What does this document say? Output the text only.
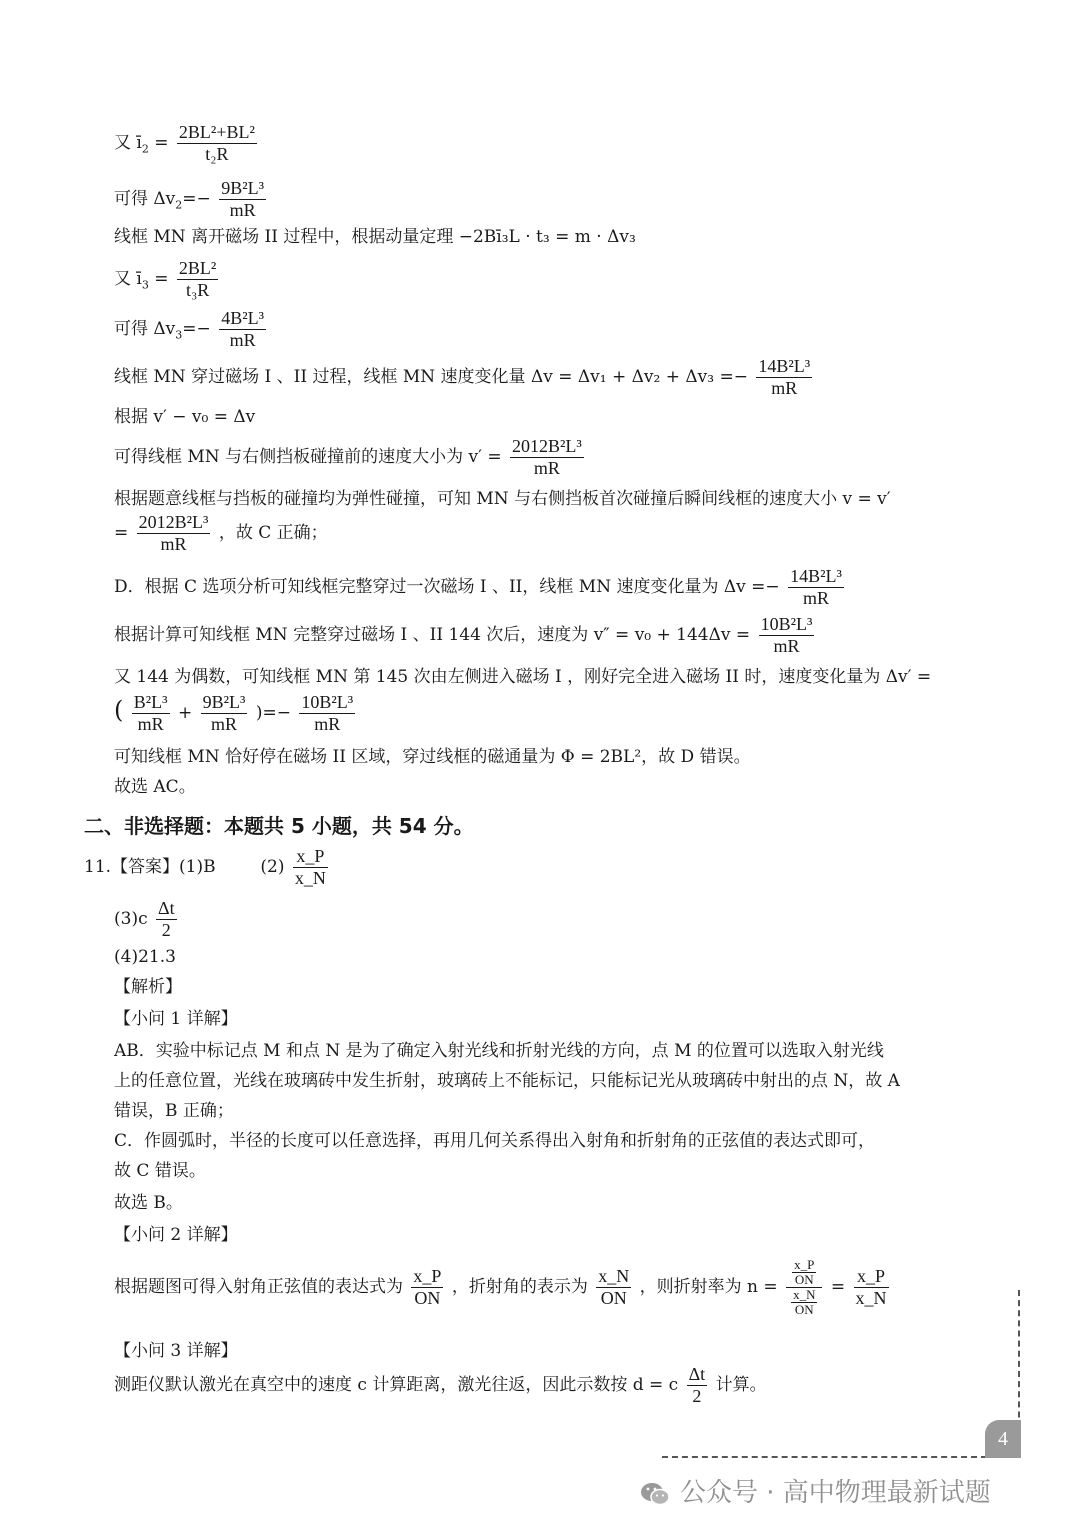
又 $ī_2 = \frac{\text{2BL²+BL²}}{\text{t₂R}}$
可得 $\Delta v_2=- \frac{\text{9B²L³}}{mR}$
线框 MN 离开磁场 II 过程中，根据动量定理 −2Bī₃L · t₃ = m · Δv₃
又 $ī_3 = \frac{\text{2BL²}}{\text{t₃R}}$
可得 $\Delta v_3=- \frac{\text{4B²L³}}{mR}$
线框 MN 穿过磁场 I 、II 过程，线框 MN 速度变化量 $\Delta v = \Delta v_1 + \Delta v_2 + \Delta v_3 =- \frac{\text{14B²L³}}{mR}$
根据 v′ − v₀ = Δv
可得线框 MN 与右侧挡板碰撞前的速度大小为 $v' = \frac{\text{2012B²L³}}{mR}$
根据题意线框与挡板的碰撞均为弹性碰撞，可知 MN 与右侧挡板首次碰撞后瞬间线框的速度大小 v = v′
= $\frac{\text{2012B²L³}}{mR}$ ，故 C 正确；
D．根据 C 选项分析可知线框完整穿过一次磁场 I 、II，线框 MN 速度变化量为 $\Delta v =- \frac{\text{14B²L³}}{mR}$
根据计算可知线框 MN 完整穿过磁场 I 、II 144 次后，速度为 $v'' = v_0 + 144\Delta v = \frac{\text{10B²L³}}{mR}$
又 144 为偶数，可知线框 MN 第 145 次由左侧进入磁场 I ，刚好完全进入磁场 II 时，速度变化量为 Δv′ =
( $\frac{\text{B²L³}}{mR} + \frac{\text{9B²L³}}{mR}$ )=− $\frac{\text{10B²L³}}{mR}$
可知线框 MN 恰好停在磁场 II 区域，穿过线框的磁通量为 Φ = 2BL²，故 D 错误。
故选 AC。
二、非选择题：本题共 5 小题，共 54 分。
11.【答案】(1)B	$(2) \frac{x\_P}{x\_N}$
$(3)c \frac{\Delta t}{2}$
(4)21.3
【解析】
【小问 1 详解】
AB．实验中标记点 M 和点 N 是为了确定入射光线和折射光线的方向，点 M 的位置可以选取入射光线
上的任意位置，光线在玻璃砖中发生折射，玻璃砖上不能标记，只能标记光从玻璃砖中射出的点 N，故 A
错误，B 正确；
C．作圆弧时，半径的长度可以任意选择，再用几何关系得出入射角和折射角的正弦值的表达式即可，
故 C 错误。
故选 B。
【小问 2 详解】
根据题图可得入射角正弦值的表达式为 $\frac{x\_P}{ON}$ ，折射角的表示为 $\frac{x\_N}{ON}$ ，则折射率为 $n = \frac{\frac{x\_P}{ON}}{\frac{x\_N}{ON}} = \frac{x\_P}{x\_N}$
【小问 3 详解】
测距仪默认激光在真空中的速度 c 计算距离，激光往返，因此示数按 d = c $\frac{\Delta t}{2}$ 计算。
4
公众号 · 高中物理最新试题
